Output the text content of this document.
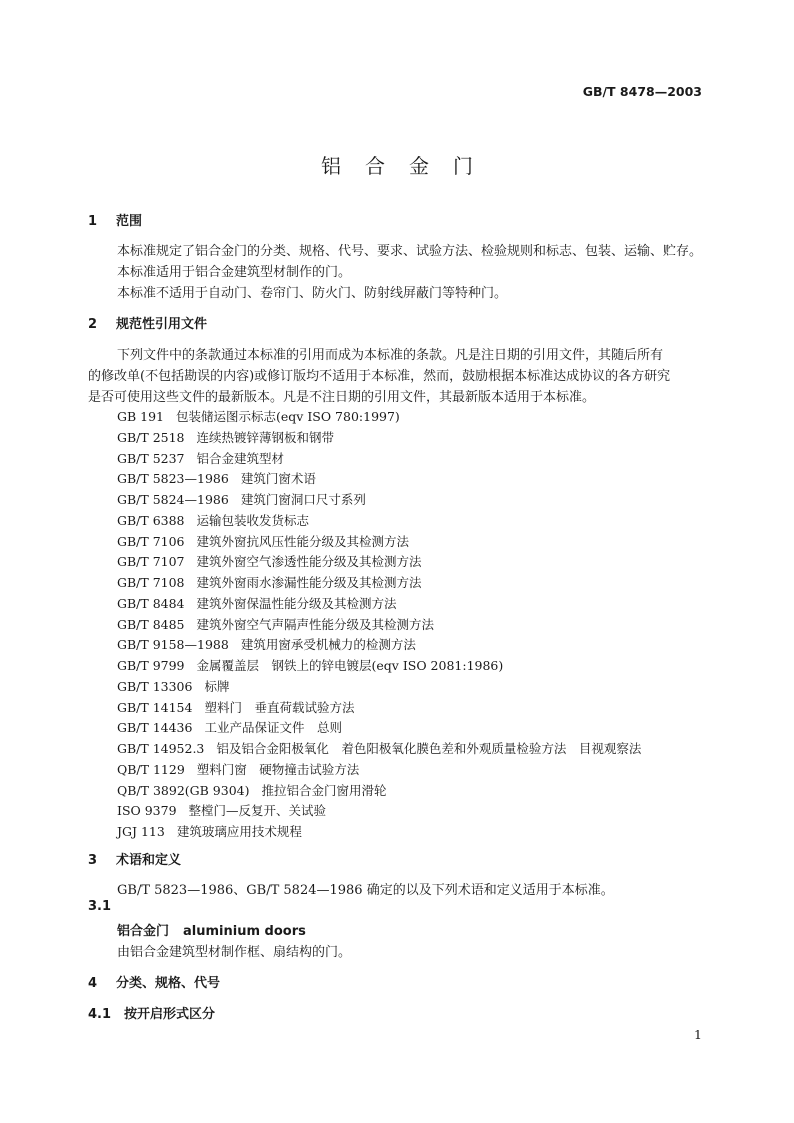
GB/T 8478—2003
铝合金门
1 范围
本标准规定了铝合金门的分类、规格、代号、要求、试验方法、检验规则和标志、包装、运输、贮存。
本标准适用于铝合金建筑型材制作的门。
本标准不适用于自动门、卷帘门、防火门、防射线屏蔽门等特种门。
2 规范性引用文件
下列文件中的条款通过本标准的引用而成为本标准的条款。凡是注日期的引用文件，其随后所有
的修改单(不包括勘误的内容)或修订版均不适用于本标准，然而，鼓励根据本标准达成协议的各方研究
是否可使用这些文件的最新版本。凡是不注日期的引用文件，其最新版本适用于本标准。
GB 191 包装储运图示标志(eqv ISO 780:1997)
GB/T 2518 连续热镀锌薄钢板和钢带
GB/T 5237 铝合金建筑型材
GB/T 5823—1986 建筑门窗术语
GB/T 5824—1986 建筑门窗洞口尺寸系列
GB/T 6388 运输包装收发货标志
GB/T 7106 建筑外窗抗风压性能分级及其检测方法
GB/T 7107 建筑外窗空气渗透性能分级及其检测方法
GB/T 7108 建筑外窗雨水渗漏性能分级及其检测方法
GB/T 8484 建筑外窗保温性能分级及其检测方法
GB/T 8485 建筑外窗空气声隔声性能分级及其检测方法
GB/T 9158—1988 建筑用窗承受机械力的检测方法
GB/T 9799 金属覆盖层　钢铁上的锌电镀层(eqv ISO 2081:1986)
GB/T 13306 标牌
GB/T 14154 塑料门　垂直荷载试验方法
GB/T 14436 工业产品保证文件　总则
GB/T 14952.3 铝及铝合金阳极氧化　着色阳极氧化膜色差和外观质量检验方法　目视观察法
QB/T 1129 塑料门窗　硬物撞击试验方法
QB/T 3892(GB 9304) 推拉铝合金门窗用滑轮
ISO 9379 整樘门—反复开、关试验
JGJ 113 建筑玻璃应用技术规程
3 术语和定义
GB/T 5823—1986、GB/T 5824—1986 确定的以及下列术语和定义适用于本标准。
3.1
铝合金门 aluminium doors
由铝合金建筑型材制作框、扇结构的门。
4 分类、规格、代号
4.1 按开启形式区分
1
